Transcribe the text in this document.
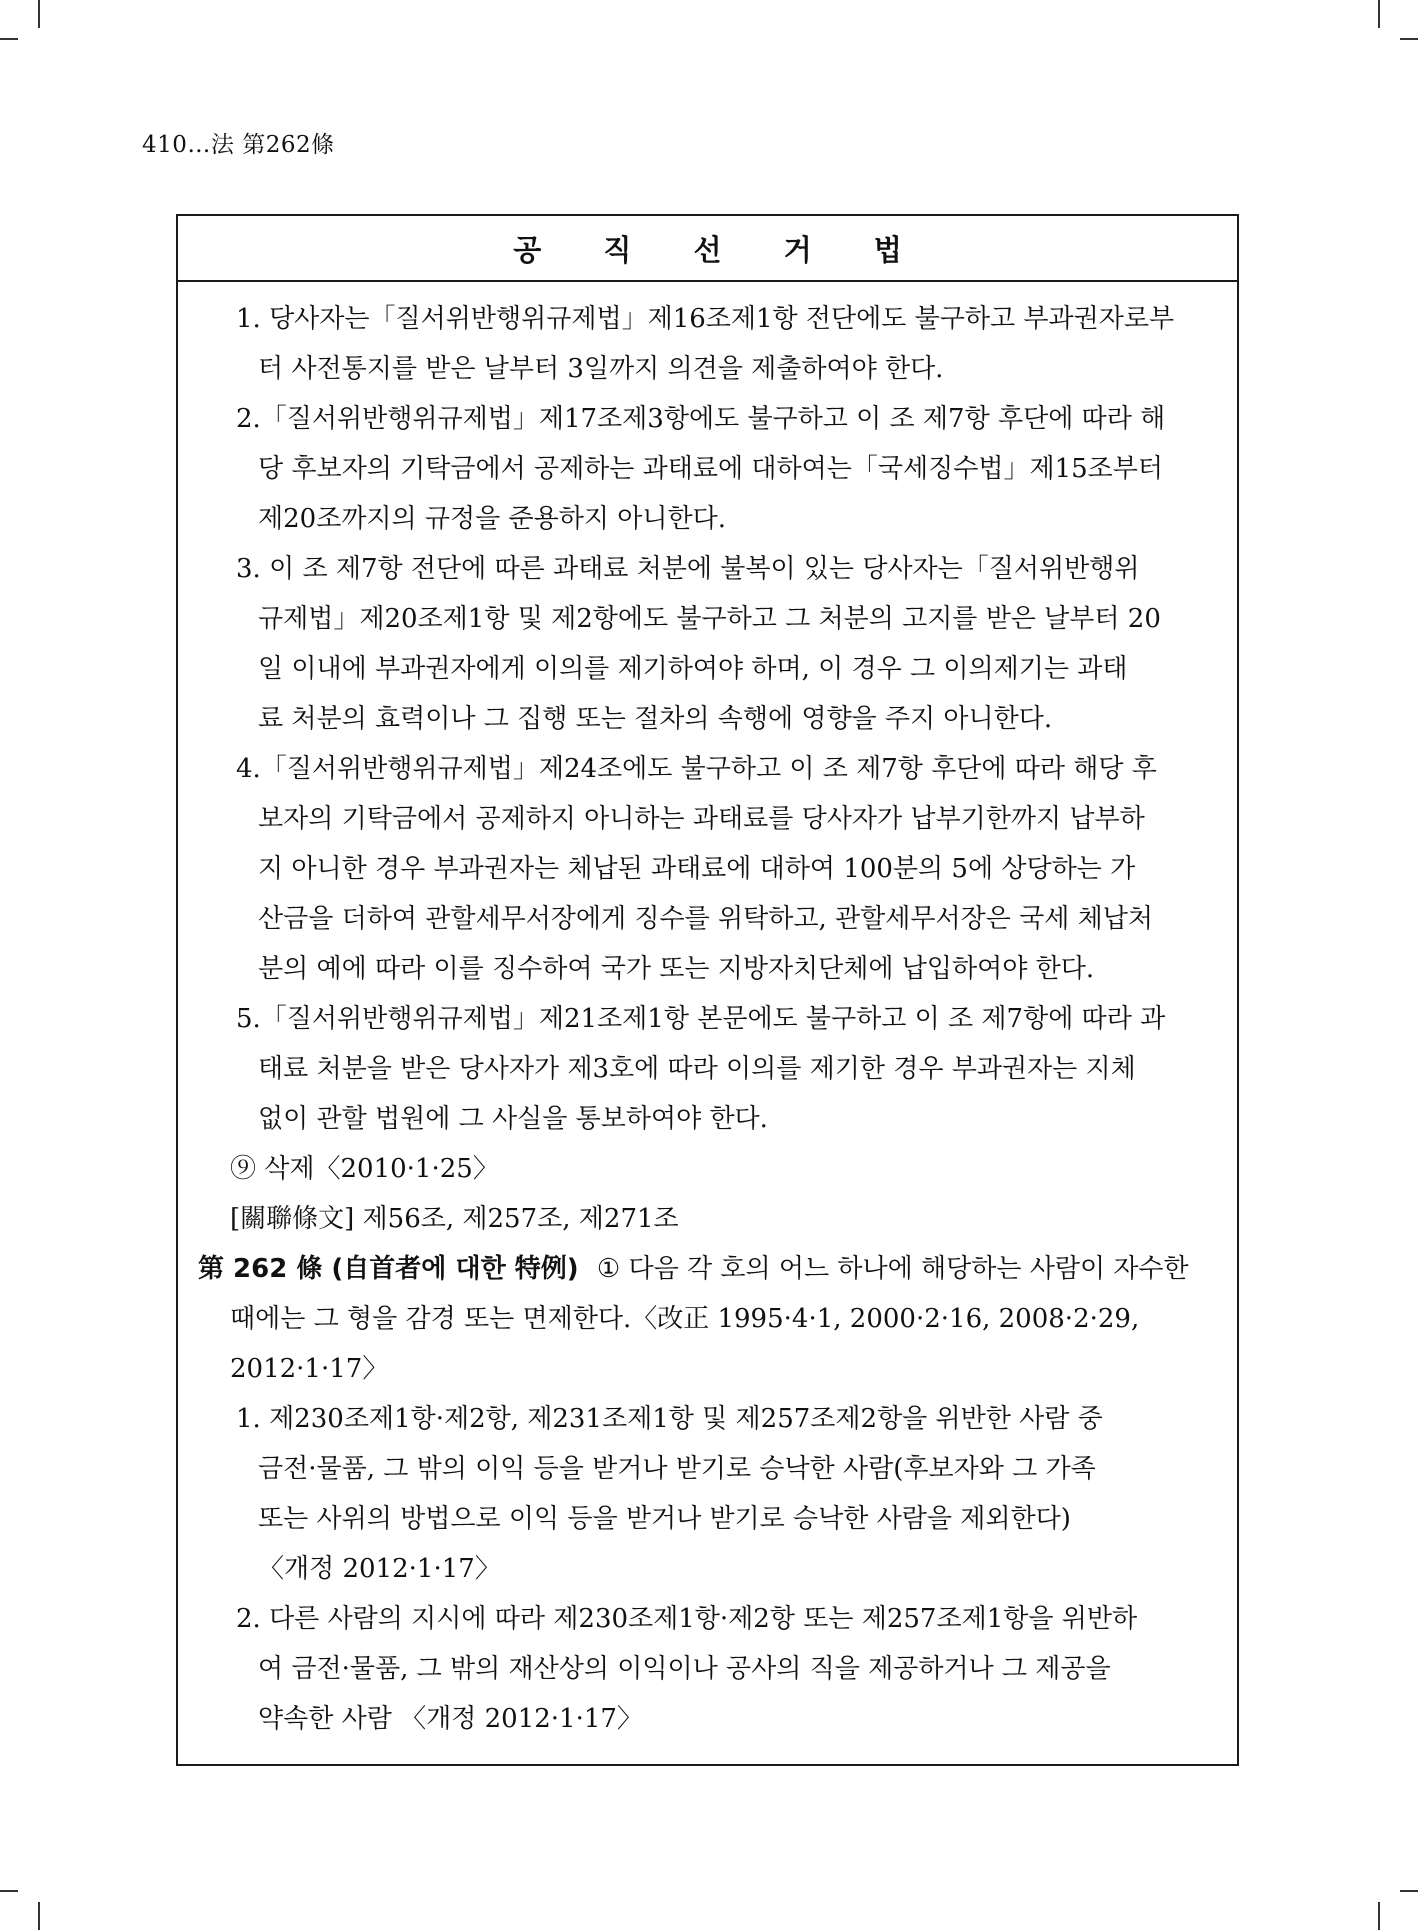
410…法 第262條
공 직 선 거 법
1. 당사자는「질서위반행위규제법」제16조제1항 전단에도 불구하고 부과권자로부
터 사전통지를 받은 날부터 3일까지 의견을 제출하여야 한다.
2.「질서위반행위규제법」제17조제3항에도 불구하고 이 조 제7항 후단에 따라 해
당 후보자의 기탁금에서 공제하는 과태료에 대하여는「국세징수법」제15조부터
제20조까지의 규정을 준용하지 아니한다.
3. 이 조 제7항 전단에 따른 과태료 처분에 불복이 있는 당사자는「질서위반행위
규제법」제20조제1항 및 제2항에도 불구하고 그 처분의 고지를 받은 날부터 20
일 이내에 부과권자에게 이의를 제기하여야 하며, 이 경우 그 이의제기는 과태
료 처분의 효력이나 그 집행 또는 절차의 속행에 영향을 주지 아니한다.
4.「질서위반행위규제법」제24조에도 불구하고 이 조 제7항 후단에 따라 해당 후
보자의 기탁금에서 공제하지 아니하는 과태료를 당사자가 납부기한까지 납부하
지 아니한 경우 부과권자는 체납된 과태료에 대하여 100분의 5에 상당하는 가
산금을 더하여 관할세무서장에게 징수를 위탁하고, 관할세무서장은 국세 체납처
분의 예에 따라 이를 징수하여 국가 또는 지방자치단체에 납입하여야 한다.
5.「질서위반행위규제법」제21조제1항 본문에도 불구하고 이 조 제7항에 따라 과
태료 처분을 받은 당사자가 제3호에 따라 이의를 제기한 경우 부과권자는 지체
없이 관할 법원에 그 사실을 통보하여야 한다.
⑨ 삭제〈2010·1·25〉
[關聯條文] 제56조, 제257조, 제271조
第 262 條 (自首者에 대한 特例) ① 다음 각 호의 어느 하나에 해당하는 사람이 자수한
때에는 그 형을 감경 또는 면제한다.〈改正 1995·4·1, 2000·2·16, 2008·2·29,
2012·1·17〉
1. 제230조제1항·제2항, 제231조제1항 및 제257조제2항을 위반한 사람 중
금전·물품, 그 밖의 이익 등을 받거나 받기로 승낙한 사람(후보자와 그 가족
또는 사위의 방법으로 이익 등을 받거나 받기로 승낙한 사람을 제외한다)
〈개정 2012·1·17〉
2. 다른 사람의 지시에 따라 제230조제1항·제2항 또는 제257조제1항을 위반하
여 금전·물품, 그 밖의 재산상의 이익이나 공사의 직을 제공하거나 그 제공을
약속한 사람 〈개정 2012·1·17〉
